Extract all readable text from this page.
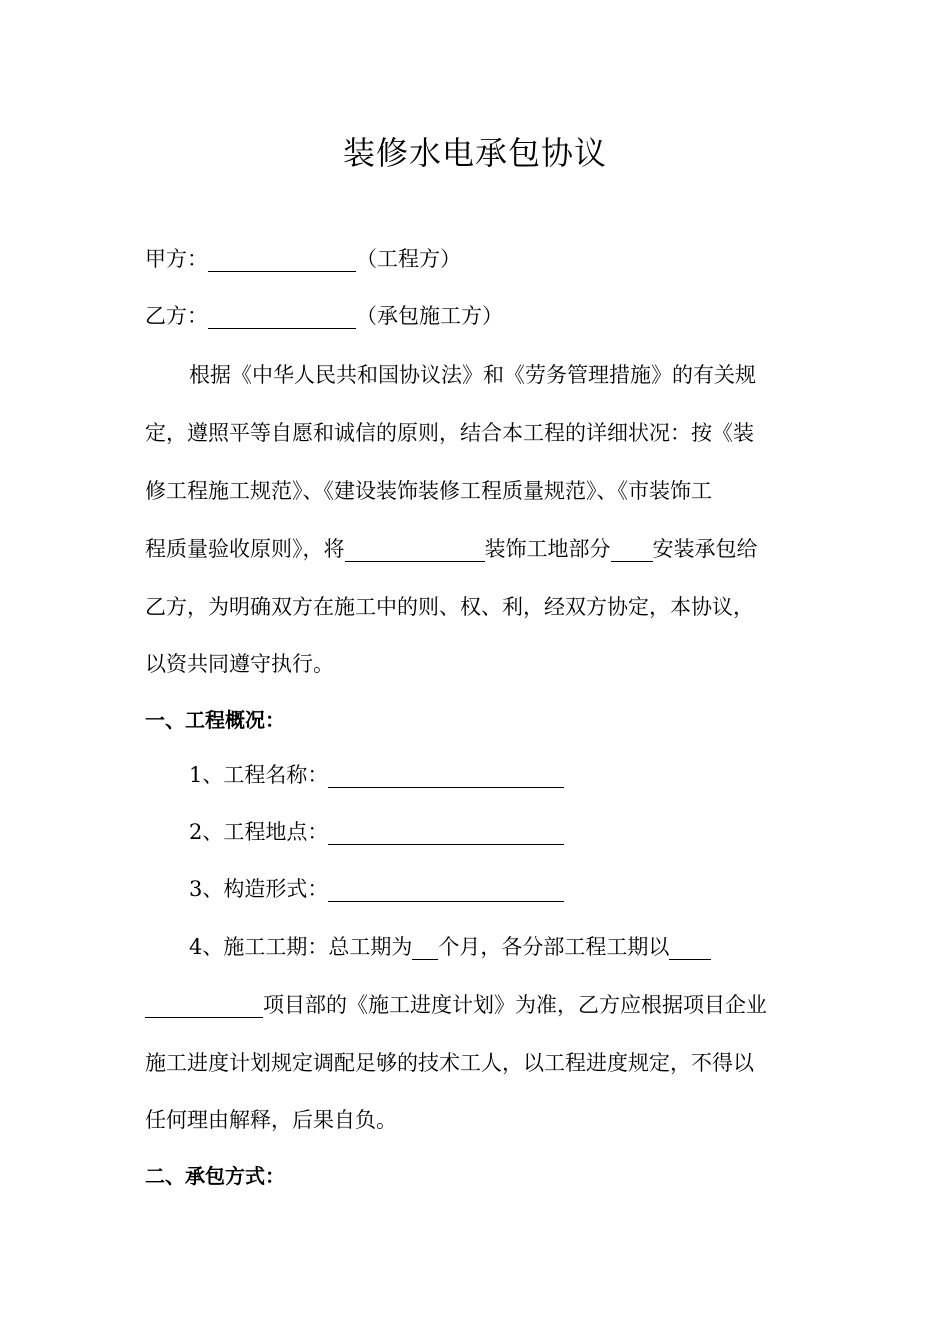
装修水电承包协议
甲方：	（工程方）
乙方：	（承包施工方）
根据《中华人民共和国协议法》和《劳务管理措施》的有关规
定，遵照平等自愿和诚信的原则，结合本工程的详细状况：按《装
修工程施工规范》、《建设装饰装修工程质量规范》、《市装饰工
程质量验收原则》，将	装饰工地部分 安装承包给
乙方，为明确双方在施工中的则、权、利，经双方协定，本协议，
以资共同遵守执行。
一、工程概况：
1、工程名称：
2、工程地点：
3、构造形式：
4、施工工期：总工期为 个月，各分部工程工期以
项目部的《施工进度计划》为准，乙方应根据项目企业
施工进度计划规定调配足够的技术工人，以工程进度规定，不得以
任何理由解释，后果自负。
二、承包方式：
